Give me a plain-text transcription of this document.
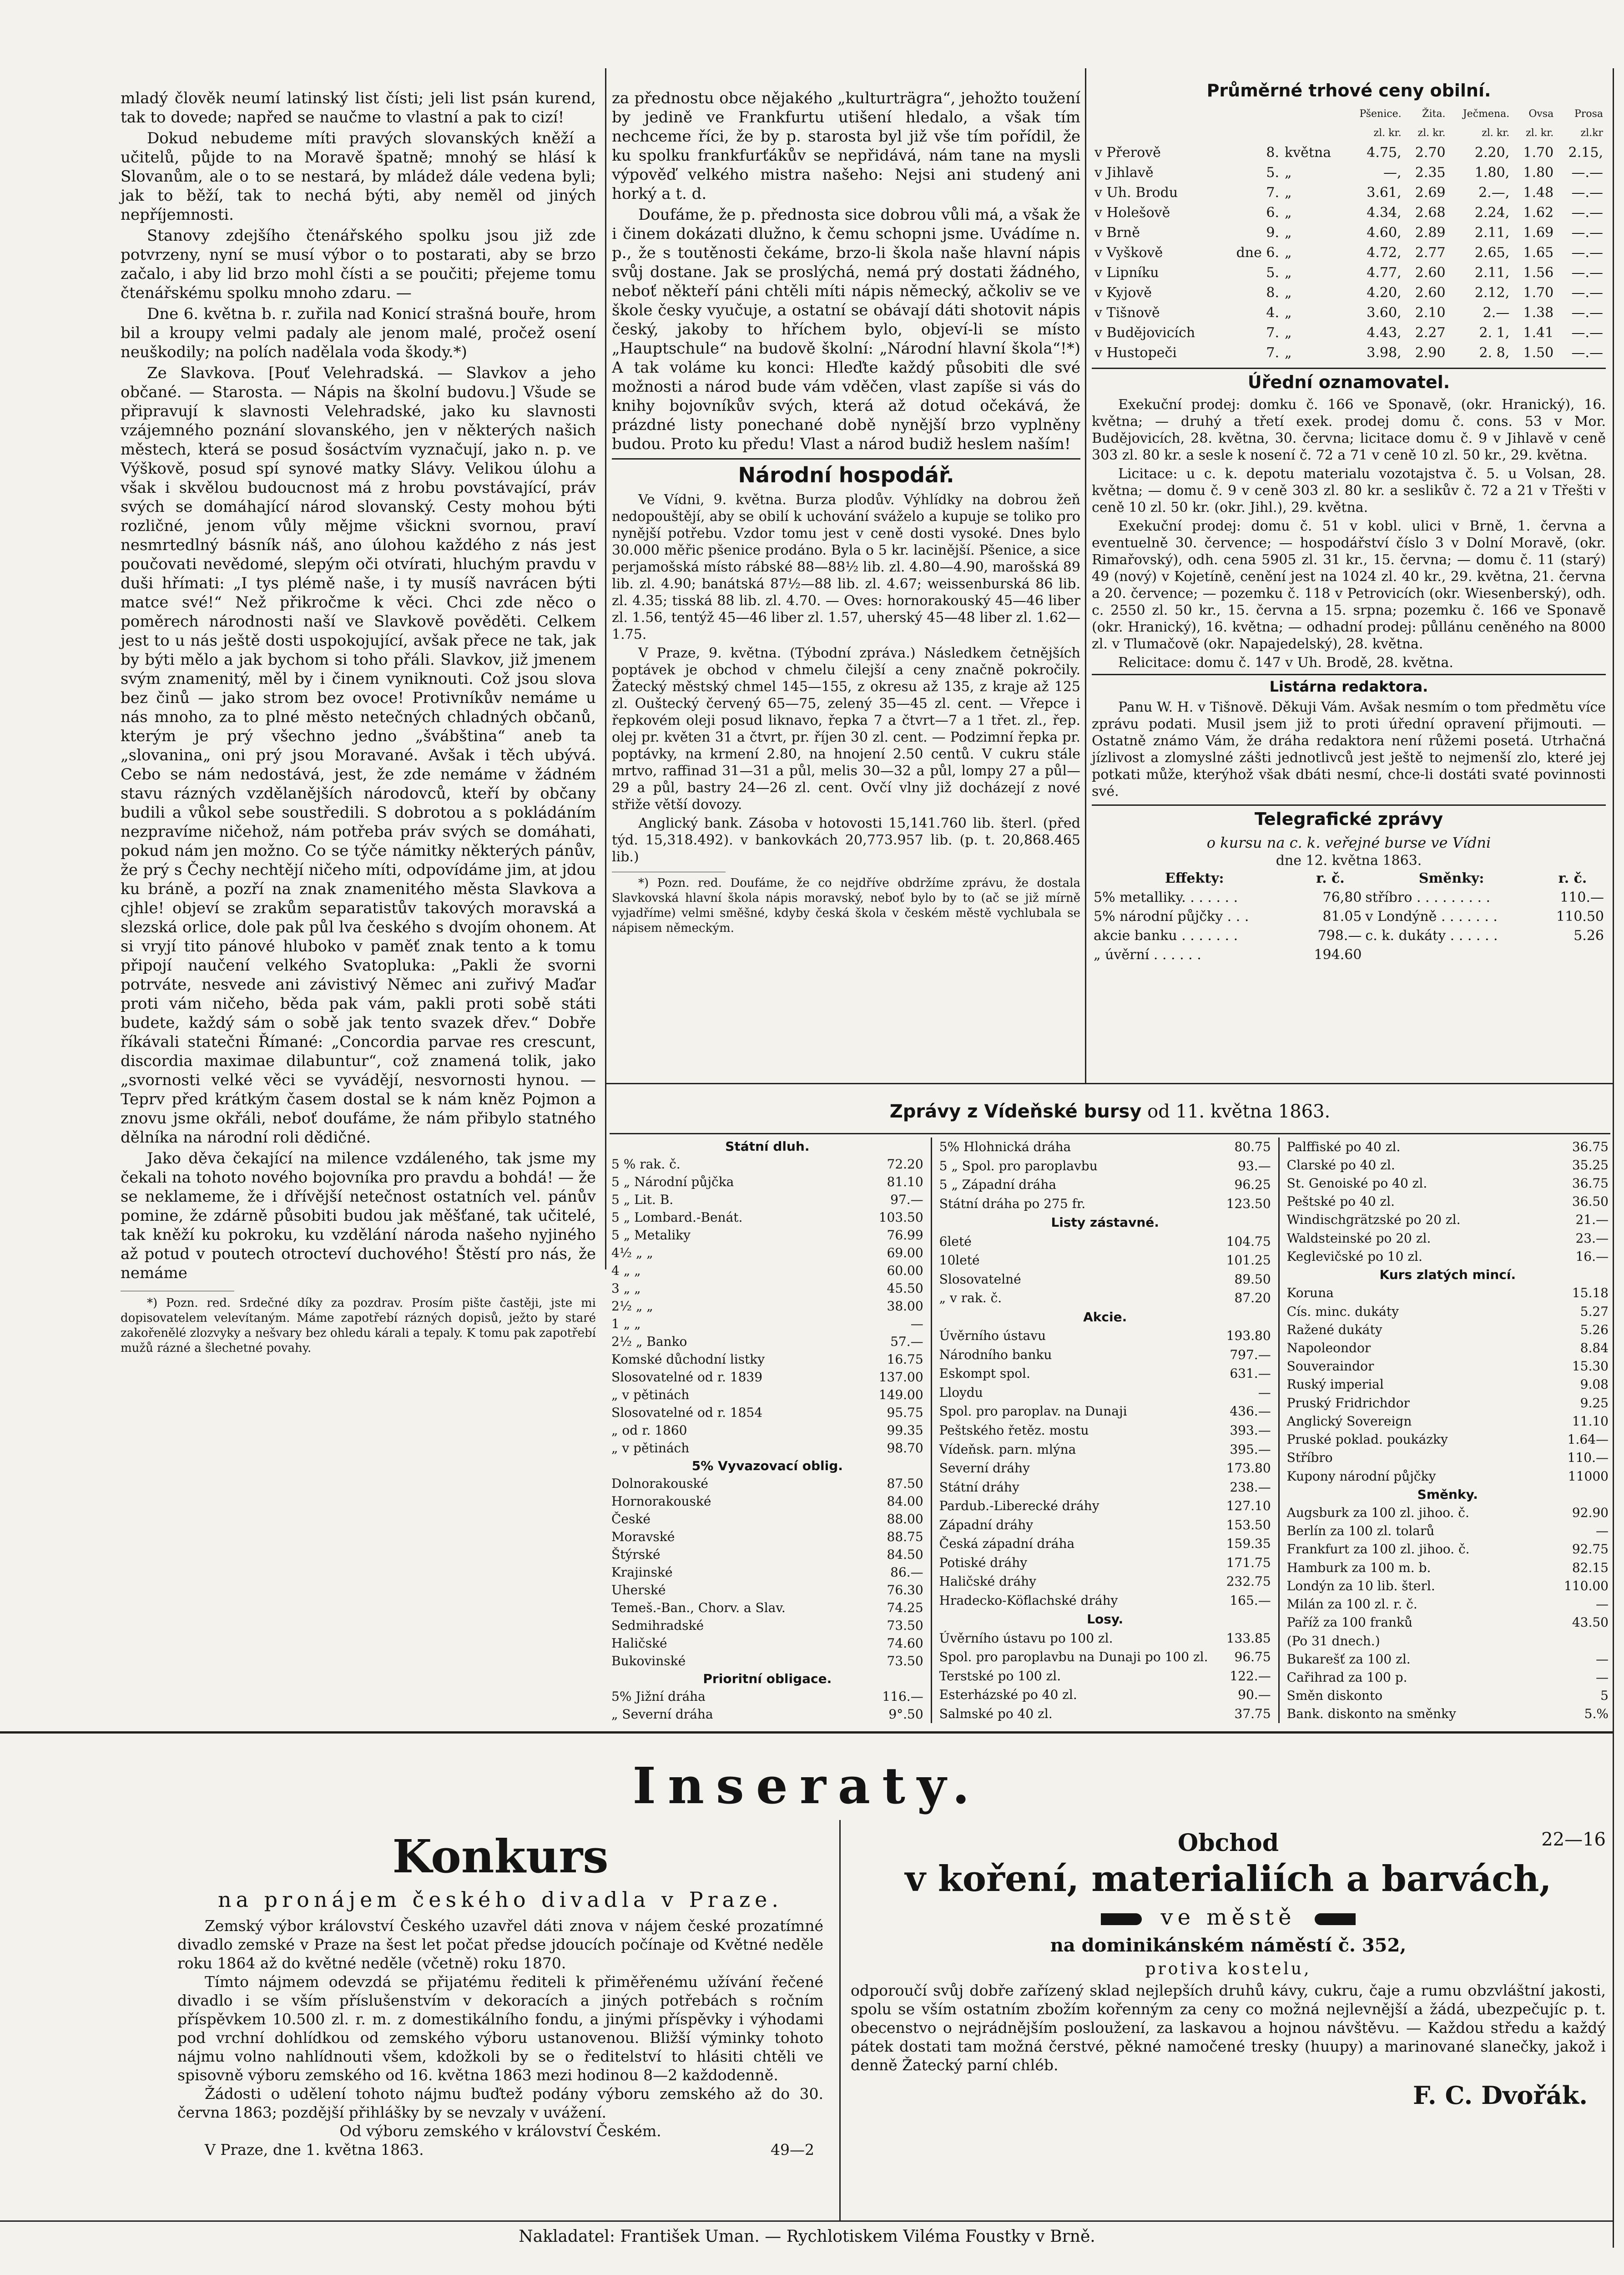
mladý člověk neumí latinský list čísti; jeli list psán kurend, tak to dovede; napřed se naučme to vlastní a pak to cizí!

Dokud nebudeme míti pravých slovanských kněží a učitelů, půjde to na Moravě špatně; mnohý se hlásí k Slovanům, ale o to se nestará, by mládež dále vedena byli; jak to běží, tak to nechá býti, aby neměl od jiných nepříjemnosti.

Stanovy zdejšího čtenářského spolku jsou již zde potvrzeny, nyní se musí výbor o to postarati, aby se brzo začalo, i aby lid brzo mohl čísti a se poučiti; přejeme tomu čtenářskému spolku mnoho zdaru. —

Dne 6. května b. r. zuřila nad Konicí strašná bouře, hrom bil a kroupy velmi padaly ale jenom malé, pročež osení neuškodily; na polích nadělala voda škody.*)

Ze Slavkova. [Pouť Velehradská. — Slavkov a jeho občané. — Starosta. — Nápis na školní budovu.] Všude se připravují k slavnosti Velehradské, jako ku slavnosti vzájemného poznání slovanského, jen v některých našich městech, která se posud šosáctvím vyznačují, jako n. p. ve Výškově, posud spí synové matky Slávy. Velikou úlohu a však i skvělou budoucnost má z hrobu povstávající, práv svých se domáhající národ slovanský. Cesty mohou býti rozličné, jenom vůly mějme všickni svornou, praví nesmrtedlný básník náš, ano úlohou každého z nás jest poučovati nevědomé, slepým oči otvírati, hluchým pravdu v duši hřímati: „I tys plémě naše, i ty musíš navrácen býti matce své!“ Než přikročme k věci. Chci zde něco o poměrech národnosti naší ve Slavkově pověděti. Celkem jest to u nás ještě dosti uspokojující, avšak přece ne tak, jak by býti mělo a jak bychom si toho přáli. Slavkov, již jmenem svým znamenitý, měl by i činem vyniknouti. Což jsou slova bez činů — jako strom bez ovoce! Protivníkův nemáme u nás mnoho, za to plné město netečných chladných občanů, kterým je prý všechno jedno „švábština“ aneb ta „slovanina„ oni prý jsou Moravané. Avšak i těch ubývá. Cebo se nám nedostává, jest, že zde nemáme v žádném stavu rázných vzdělanějších národovců, kteří by občany budili a vůkol sebe soustředili. S dobrotou a s pokládáním nezpravíme ničehož, nám potřeba práv svých se domáhati, pokud nám jen možno. Co se týče námitky některých pánův, že prý s Čechy nechtějí ničeho míti, odpovídáme jim, at jdou ku bráně, a pozří na znak znamenitého města Slavkova a cjhle! objeví se zrakům separatistův takových moravská a slezská orlice, dole pak půl lva českého s dvojím ohonem. At si vryjí tito pánové hluboko v paměť znak tento a k tomu připojí naučení velkého Svatopluka: „Pakli že svorni potrváte, nesvede ani závistivý Němec ani zuřivý Maďar proti vám ničeho, běda pak vám, pakli proti sobě státi budete, každý sám o sobě jak tento svazek dřev.“ Dobře říkávali statečni Římané: „Concordia parvae res crescunt, discordia maximae dilabuntur“, což znamená tolik, jako „svornosti velké věci se vyvádějí, nesvornosti hynou. — Teprv před krátkým časem dostal se k nám kněz Pojmon a znovu jsme okřáli, neboť doufáme, že nám přibylo statného dělníka na národní roli dědičné.

Jako děva čekající na milence vzdáleného, tak jsme my čekali na tohoto nového bojovníka pro pravdu a bohdá! — že se neklameme, že i dřívější netečnost ostatních vel. pánův pomine, že zdárně působiti budou jak měšťané, tak učitelé, tak kněží ku pokroku, ku vzdělání národa našeho nyjiného až potud v poutech otrocteví duchového! Štěstí pro nás, že nemáme

*) Pozn. red. Srdečné díky za pozdrav. Prosím pište častěji, jste mi dopisovatelem velevítaným. Máme zapotřebí rázných dopisů, ježto by staré zakořenělé zlozvyky a nešvary bez ohledu kárali a tepaly. K tomu pak zapotřebí mužů rázné a šlechetné povahy.

za přednostu obce nějakého „kulturträgra“, jehožto toužení by jedině ve Frankfurtu utišení hledalo, a však tím nechceme říci, že by p. starosta byl již vše tím pořídil, že ku spolku frankfurťákův se nepřidává, nám tane na mysli výpověď velkého mistra našeho: Nejsi ani studený ani horký a t. d.

Doufáme, že p. přednosta sice dobrou vůli má, a však že i činem dokázati dlužno, k čemu schopni jsme. Uvádíme n. p., že s toutěnosti čekáme, brzo-li škola naše hlavní nápis svůj dostane. Jak se proslýchá, nemá prý dostati žádného, neboť někteří páni chtěli míti nápis německý, ačkoliv se ve škole česky vyučuje, a ostatní se obávají dáti shotovit nápis český, jakoby to hříchem bylo, objeví-li se místo „Hauptschule“ na budově školní: „Národní hlavní škola“!*) A tak voláme ku konci: Hleďte každý působiti dle své možnosti a národ bude vám vděčen, vlast zapíše si vás do knihy bojovníkův svých, která až dotud očekává, že prázdné listy ponechané době nynější brzo vyplněny budou. Proto ku předu! Vlast a národ budiž heslem naším!

Národní hospodář.

Ve Vídni, 9. května. Burza plodův. Výhlídky na dobrou žeň nedopouštějí, aby se obilí k uchování sváželo a kupuje se toliko pro nynější potřebu. Vzdor tomu jest v ceně dosti vysoké. Dnes bylo 30.000 měřic pšenice prodáno. Byla o 5 kr. lacinější. Pšenice, a sice perjamošská místo rábské 88—88½ lib. zl. 4.80—4.90, marošská 89 lib. zl. 4.90; banátská 87½—88 lib. zl. 4.67; weissenburská 86 lib. zl. 4.35; tisská 88 lib. zl. 4.70. — Oves: hornorakouský 45—46 liber zl. 1.56, tentýž 45—46 liber zl. 1.57, uherský 45—48 liber zl. 1.62—1.75.

V Praze, 9. května. (Týbodní zpráva.) Následkem četnějších poptávek je obchod v chmelu čilejší a ceny značně pokročily. Žatecký městský chmel 145—155, z okresu až 135, z kraje až 125 zl. Ouštecký červený 65—75, zelený 35—45 zl. cent. — Vřepce i řepkovém oleji posud liknavo, řepka 7 a čtvrt—7 a 1 třet. zl., řep. olej pr. květen 31 a čtvrt, pr. říjen 30 zl. cent. — Podzimní řepka pr. poptávky, na krmení 2.80, na hnojení 2.50 centů. V cukru stále mrtvo, raffinad 31—31 a půl, melis 30—32 a půl, lompy 27 a půl—29 a půl, bastry 24—26 zl. cent. Ovčí vlny již docházejí z nové střiže větší dovozy.

Anglický bank. Zásoba v hotovosti 15,141.760 lib. šterl. (před týd. 15,318.492). v bankovkách 20,773.957 lib. (p. t. 20,868.465 lib.)

*) Pozn. red. Doufáme, že co nejdříve obdržíme zprávu, že dostala Slavkovská hlavní škola nápis moravský, neboť bylo by to (ač se již mírně vyjadříme) velmi směšné, kdyby česká škola v českém městě vychlubala se nápisem německým.

Průměrné trhové ceny obilní.
			Pšenice.	Žita.	Ječmena.	Ovsa	Prosa
			zl. kr.	zl. kr.	zl. kr.	zl. kr.	zl.kr
v Přerově	8.	května	4.75,	2.70	2.20,	1.70	2.15,
v Jihlavě	5.	„	—,	2.35	1.80,	1.80	—.—
v Uh. Brodu	7.	„	3.61,	2.69	2.—,	1.48	—.—
v Holešově	6.	„	4.34,	2.68	2.24,	1.62	—.—
v Brně	9.	„	4.60,	2.89	2.11,	1.69	—.—
v Vyškově	dne 6.	„	4.72,	2.77	2.65,	1.65	—.—
v Lipníku	5.	„	4.77,	2.60	2.11,	1.56	—.—
v Kyjově	8.	„	4.20,	2.60	2.12,	1.70	—.—
v Tišnově	4.	„	3.60,	2.10	2.—	1.38	—.—
v Budějovicích	7.	„	4.43,	2.27	2. 1,	1.41	—.—
v Hustopeči	7.	„	3.98,	2.90	2. 8,	1.50	—.—
Úřední oznamovatel.

Exekuční prodej: domku č. 166 ve Sponavě, (okr. Hranický), 16. května; — druhý a třetí exek. prodej domu č. cons. 53 v Mor. Budějovicích, 28. května, 30. června; licitace domu č. 9 v Jihlavě v ceně 303 zl. 80 kr. a sesle k nosení č. 72 a 71 v ceně 10 zl. 50 kr., 29. května.

Licitace: u c. k. depotu materialu vozotajstva č. 5. u Volsan, 28. května; — domu č. 9 v ceně 303 zl. 80 kr. a seslikův č. 72 a 21 v Třešti v ceně 10 zl. 50 kr. (okr. Jihl.), 29. května.

Exekuční prodej: domu č. 51 v kobl. ulici v Brně, 1. června a eventuelně 30. července; — hospodářství číslo 3 v Dolní Moravě, (okr. Rimařovský), odh. cena 5905 zl. 31 kr., 15. června; — domu č. 11 (starý) 49 (nový) v Kojetíně, cenění jest na 1024 zl. 40 kr., 29. května, 21. června a 20. července; — pozemku č. 118 v Petrovicích (okr. Wiesenberský), odh. c. 2550 zl. 50 kr., 15. června a 15. srpna; pozemku č. 166 ve Sponavě (okr. Hranický), 16. května; — odhadní prodej: půllánu ceněného na 8000 zl. v Tlumačově (okr. Napajedelský), 28. května.

Relicitace: domu č. 147 v Uh. Brodě, 28. května.

Listárna redaktora.

Panu W. H. v Tišnově. Děkuji Vám. Avšak nesmím o tom předmětu více zprávu podati. Musil jsem již to proti úřední opravení přijmouti. — Ostatně známo Vám, že dráha redaktora není růžemi posetá. Utrhačná jízlivost a zlomyslné zášti jednotlivců jest ještě to nejmenší zlo, které jej potkati může, kterýhož však dbáti nesmí, chce-li dostáti svaté povinnosti své.

Telegrafické zprávy
o kursu na c. k. veřejné burse ve Vídni
dne 12. května 1863.
Effekty:	r. č.	Směnky:	r. č.
5% metalliky. . . . . . .	76,80	stříbro . . . . . . . . .	110.—
5% národní půjčky . . .	81.05	v Londýně . . . . . . .	110.50
akcie banku . . . . . . .	798.—	c. k. dukáty . . . . . .	5.26
„ úvěrní . . . . . .	194.60		
Zprávy z Vídeňské bursy od 11. května 1863.
Státní dluh.	
5 % rak. č.	72.20
5 „ Národní půjčka	81.10
5 „ Lit. B.	97.—
5 „ Lombard.-Benát.	103.50
5 „ Metaliky	76.99
4½ „ „	69.00
4 „ „	60.00
3 „ „	45.50
2½ „ „	38.00
1 „ „	—
2½ „ Banko	57.—
Komské důchodní listky	16.75
Slosovatelné od r. 1839	137.00
„ v pětinách	149.00
Slosovatelné od r. 1854	95.75
„ od r. 1860	99.35
„ v pětinách	98.70
5% Vyvazovací oblig.	
Dolnorakouské	87.50
Hornorakouské	84.00
České	88.00
Moravské	88.75
Štýrské	84.50
Krajinské	86.—
Uherské	76.30
Temeš.-Ban., Chorv. a Slav.	74.25
Sedmihradské	73.50
Haličské	74.60
Bukovinské	73.50
Prioritní obligace.	
5% Jižní dráha	116.—
„ Severní dráha	9°.50
5% Hlohnická dráha	80.75
5 „ Spol. pro paroplavbu	93.—
5 „ Západní dráha	96.25
Státní dráha po 275 fr.	123.50
Listy zástavné.	
6leté	104.75
10leté	101.25
Slosovatelné	89.50
„ v rak. č.	87.20
Akcie.	
Úvěrního ústavu	193.80
Národního banku	797.—
Eskompt spol.	631.—
Lloydu	—
Spol. pro paroplav. na Dunaji	436.—
Peštského řetěz. mostu	393.—
Vídeňsk. parn. mlýna	395.—
Severní dráhy	173.80
Státní dráhy	238.—
Pardub.-Liberecké dráhy	127.10
Západní dráhy	153.50
Česká západní dráha	159.35
Potiské dráhy	171.75
Haličské dráhy	232.75
Hradecko-Köflachské dráhy	165.—
Losy.	
Úvěrního ústavu po 100 zl.	133.85
Spol. pro paroplavbu na Dunaji po 100 zl.	96.75
Terstské po 100 zl.	122.—
Esterházské po 40 zl.	90.—
Salmské po 40 zl.	37.75
Palffiské po 40 zl.	36.75
Clarské po 40 zl.	35.25
St. Genoiské po 40 zl.	36.75
Peštské po 40 zl.	36.50
Windischgrätzské po 20 zl.	21.—
Waldsteinské po 20 zl.	23.—
Keglevičské po 10 zl.	16.—
Kurs zlatých mincí.	
Koruna	15.18
Cís. minc. dukáty	5.27
Ražené dukáty	5.26
Napoleondor	8.84
Souveraindor	15.30
Ruský imperial	9.08
Pruský Fridrichdor	9.25
Anglický Sovereign	11.10
Pruské poklad. poukázky	1.64—
Stříbro	110.—
Kupony národní půjčky	11000
Směnky.	
Augsburk za 100 zl. jihoo. č.	92.90
Berlín za 100 zl. tolarů	—
Frankfurt za 100 zl. jihoo. č.	92.75
Hamburk za 100 m. b.	82.15
Londýn za 10 lib. šterl.	110.00
Milán za 100 zl. r. č.	—
Paříž za 100 franků	43.50
(Po 31 dnech.)	
Bukarešť za 100 zl.	—
Cařihrad za 100 p.	—
Směn diskonto	5
Bank. diskonto na směnky	5.%
Inseraty.
Konkurs
na pronájem českého divadla v Praze.

Zemský výbor království Českého uzavřel dáti znova v nájem české prozatímné divadlo zemské v Praze na šest let počat předse jdoucích počínaje od Květné neděle roku 1864 až do květné neděle (včetně) roku 1870.

Tímto nájmem odevzdá se přijatému řediteli k přiměřenému užívání řečené divadlo i se vším příslušenstvím v dekoracích a jiných potřebách s ročním příspěvkem 10.500 zl. r. m. z domestikálního fondu, a jinými příspěvky i výhodami pod vrchní dohlídkou od zemského výboru ustanovenou. Bližší výminky tohoto nájmu volno nahlídnouti všem, kdožkoli by se o ředitelství to hlásiti chtěli ve spisovně výboru zemského od 16. května 1863 mezi hodinou 8—2 každodenně.

Žádosti o udělení tohoto nájmu buďtež podány výboru zemského až do 30. června 1863; pozdější přihlášky by se nevzaly v uvážení.

Od výboru zemského v království Českém.
V Praze, dne 1. května 1863.	49—2
Obchod	22—16
v koření, materialiích a barvách,
ve městě
na dominikánském náměstí č. 352,
protiva kostelu,

odporoučí svůj dobře zařízený sklad nejlepších druhů kávy, cukru, čaje a rumu obzvláštní jakosti, spolu se vším ostatním zbožím kořenným za ceny co možná nejlevnější a žádá, ubezpečujíc p. t. obecenstvo o nejrádnějším posloužení, za laskavou a hojnou návštěvu. — Každou středu a každý pátek dostati tam možná čerstvé, pěkné namočené tresky (huupy) a marinované slanečky, jakož i denně Žatecký parní chléb.

F. C. Dvořák.
Nakladatel: František Uman. — Rychlotiskem Viléma Foustky v Brně.
